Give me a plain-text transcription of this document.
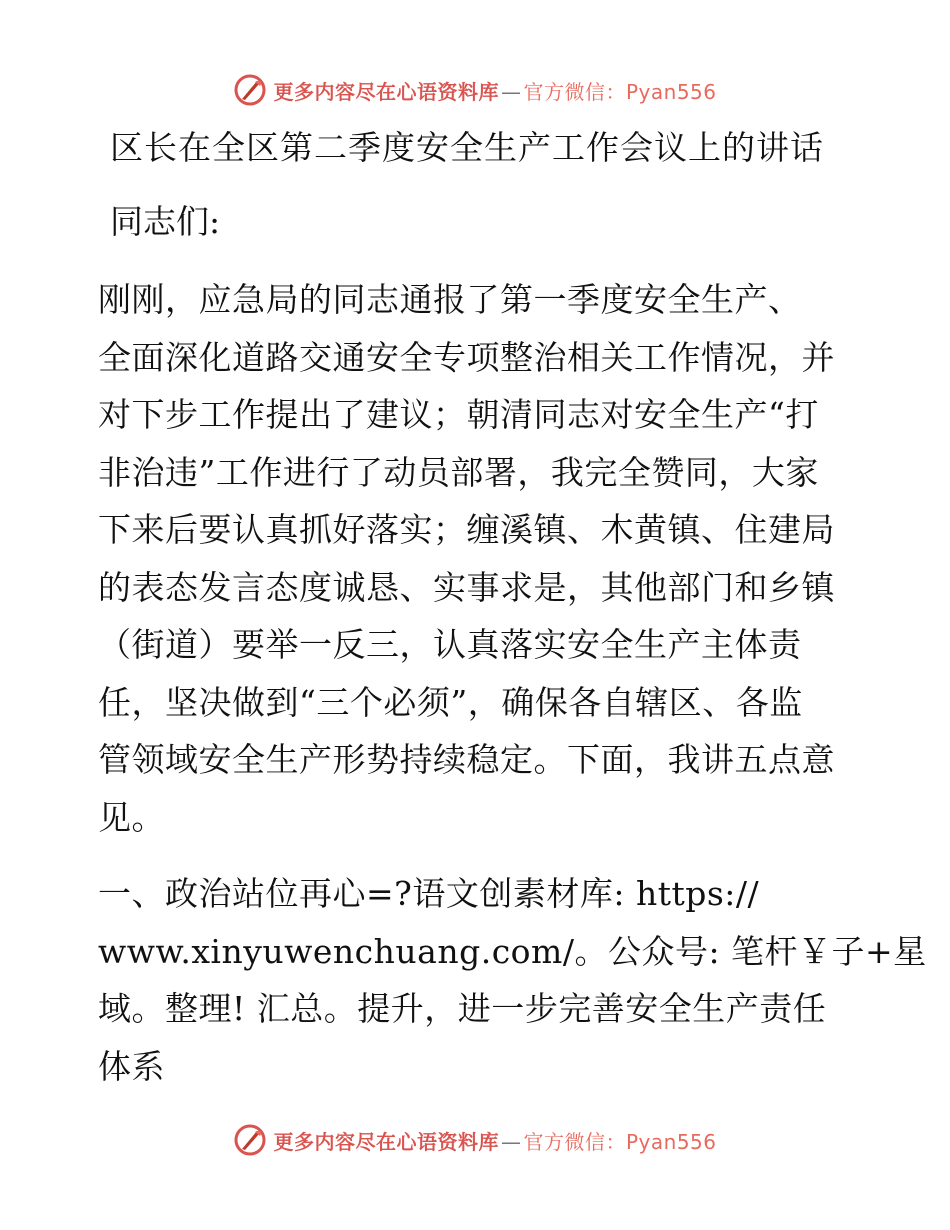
更多内容尽在心语资料库 — 官方微信：Pyan556
区长在全区第二季度安全生产工作会议上的讲话
同志们:
刚刚，应急局的同志通报了第一季度安全生产、
全面深化道路交通安全专项整治相关工作情况，并
对下步工作提出了建议；朝清同志对安全生产“打
非治违”工作进行了动员部署，我完全赞同，大家
下来后要认真抓好落实；缠溪镇、木黄镇、住建局
的表态发言态度诚恳、实事求是，其他部门和乡镇
（街道）要举一反三，认真落实安全生产主体责
任，坚决做到“三个必须”，确保各自辖区、各监
管领域安全生产形势持续稳定。下面，我讲五点意
见。
一、政治站位再心=?语文创素材库: https://
www.xinyuwenchuang.com/。公众号: 笔杆￥子+星
域。整理! 汇总。提升，进一步完善安全生产责任
体系
更多内容尽在心语资料库 — 官方微信：Pyan556
